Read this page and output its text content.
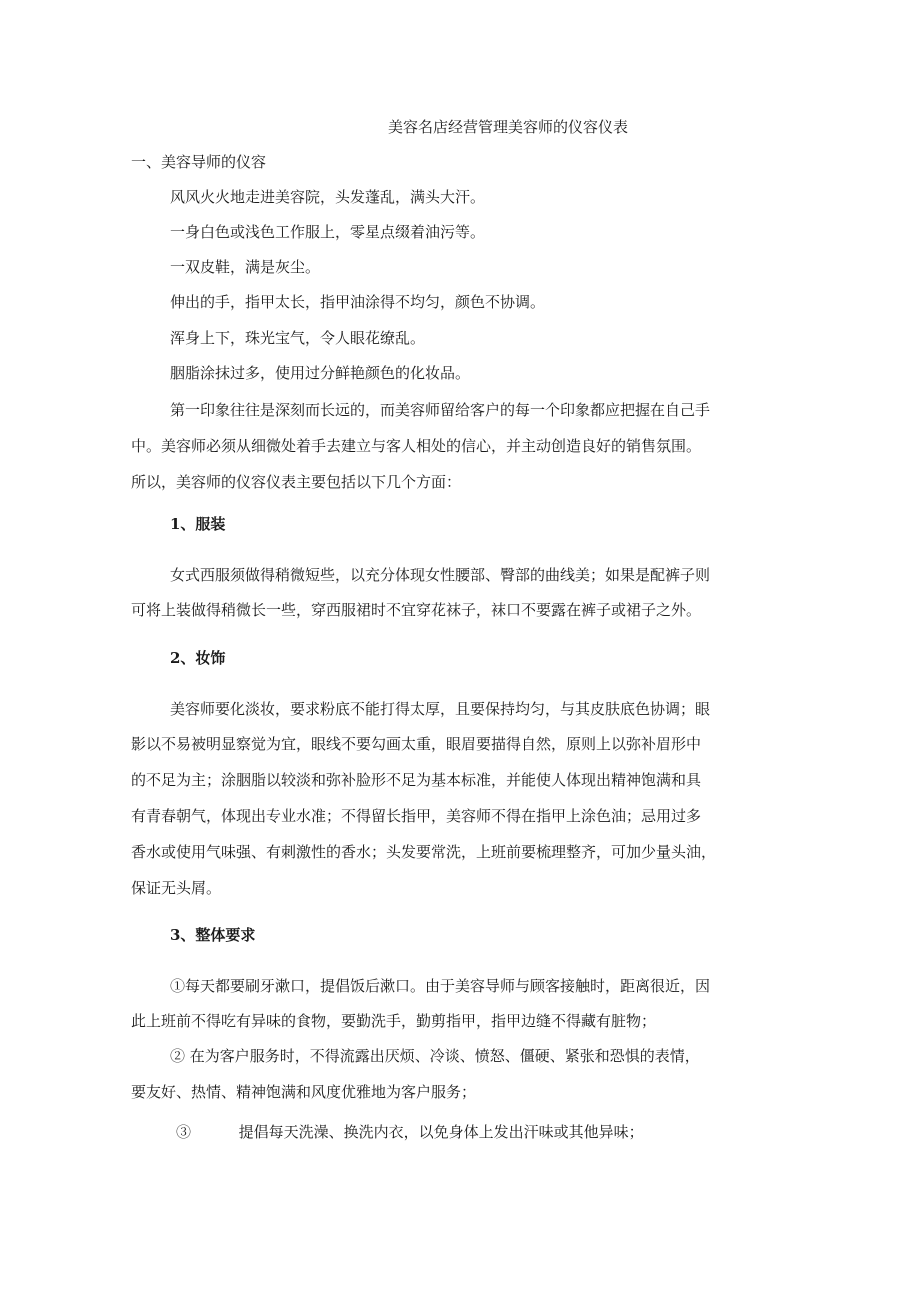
美容名店经营管理美容师的仪容仪表
一、美容导师的仪容
风风火火地走进美容院，头发蓬乱，满头大汗。
一身白色或浅色工作服上，零星点缀着油污等。
一双皮鞋，满是灰尘。
伸出的手，指甲太长，指甲油涂得不均匀，颜色不协调。
浑身上下，珠光宝气，令人眼花缭乱。
胭脂涂抹过多，使用过分鲜艳颜色的化妆品。
第一印象往往是深刻而长远的，而美容师留给客户的每一个印象都应把握在自己手
中。美容师必须从细微处着手去建立与客人相处的信心，并主动创造良好的销售氛围。
所以，美容师的仪容仪表主要包括以下几个方面：
1、服装
女式西服须做得稍微短些，以充分体现女性腰部、臀部的曲线美；如果是配裤子则
可将上装做得稍微长一些，穿西服裙时不宜穿花袜子，袜口不要露在裤子或裙子之外。
2、妆饰
美容师要化淡妆，要求粉底不能打得太厚，且要保持均匀，与其皮肤底色协调；眼
影以不易被明显察觉为宜，眼线不要勾画太重，眼眉要描得自然，原则上以弥补眉形中
的不足为主；涂胭脂以较淡和弥补脸形不足为基本标准，并能使人体现出精神饱满和具
有青春朝气，体现出专业水准；不得留长指甲，美容师不得在指甲上涂色油；忌用过多
香水或使用气味强、有刺激性的香水；头发要常洗，上班前要梳理整齐，可加少量头油，
保证无头屑。
3、整体要求
①每天都要刷牙漱口，提倡饭后漱口。由于美容导师与顾客接触时，距离很近，因
此上班前不得吃有异味的食物，要勤洗手，勤剪指甲，指甲边缝不得藏有脏物；
② 在为客户服务时，不得流露出厌烦、冷谈、愤怒、僵硬、紧张和恐惧的表情，
要友好、热情、精神饱满和风度优雅地为客户服务；
③          提倡每天洗澡、换洗内衣，以免身体上发出汗味或其他异味；
